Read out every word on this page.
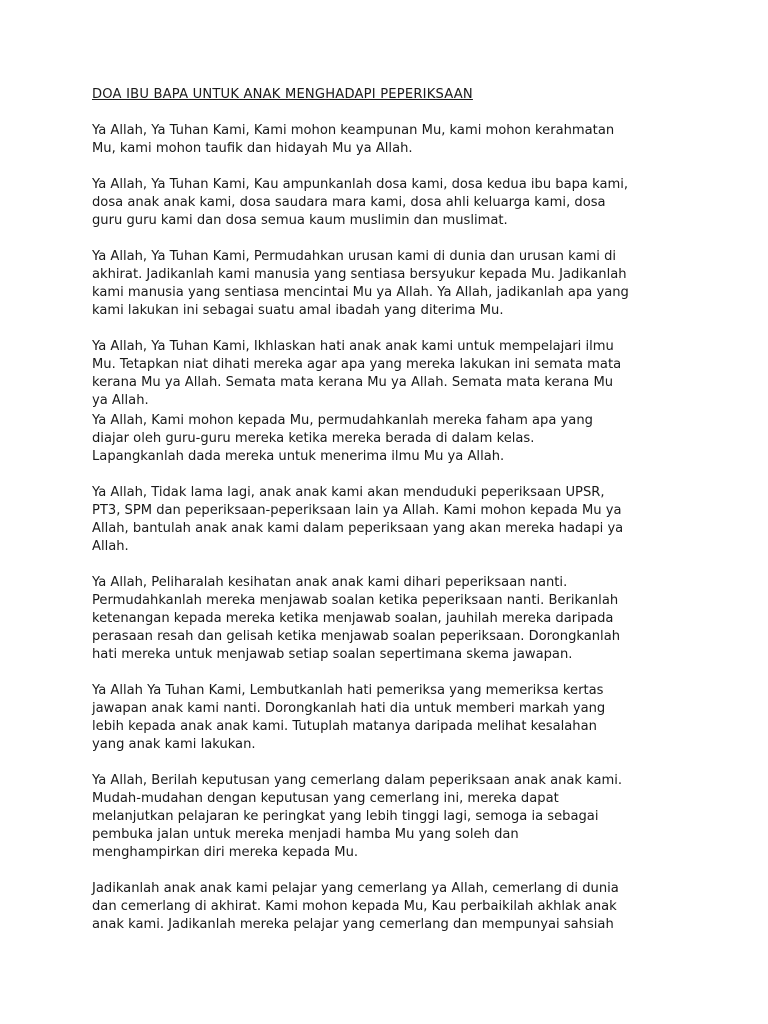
DOA IBU BAPA UNTUK ANAK MENGHADAPI PEPERIKSAAN
Ya Allah, Ya Tuhan Kami, Kami mohon keampunan Mu, kami mohon kerahmatan
Mu, kami mohon taufik dan hidayah Mu ya Allah.
Ya Allah, Ya Tuhan Kami, Kau ampunkanlah dosa kami, dosa kedua ibu bapa kami,
dosa anak anak kami, dosa saudara mara kami, dosa ahli keluarga kami, dosa
guru guru kami dan dosa semua kaum muslimin dan muslimat.
Ya Allah, Ya Tuhan Kami, Permudahkan urusan kami di dunia dan urusan kami di
akhirat. Jadikanlah kami manusia yang sentiasa bersyukur kepada Mu. Jadikanlah
kami manusia yang sentiasa mencintai Mu ya Allah. Ya Allah, jadikanlah apa yang
kami lakukan ini sebagai suatu amal ibadah yang diterima Mu.
Ya Allah, Ya Tuhan Kami, Ikhlaskan hati anak anak kami untuk mempelajari ilmu
Mu. Tetapkan niat dihati mereka agar apa yang mereka lakukan ini semata mata
kerana Mu ya Allah. Semata mata kerana Mu ya Allah. Semata mata kerana Mu
ya Allah.
Ya Allah, Kami mohon kepada Mu, permudahkanlah mereka faham apa yang
diajar oleh guru-guru mereka ketika mereka berada di dalam kelas.
Lapangkanlah dada mereka untuk menerima ilmu Mu ya Allah.
Ya Allah, Tidak lama lagi, anak anak kami akan menduduki peperiksaan UPSR,
PT3, SPM dan peperiksaan-peperiksaan lain ya Allah. Kami mohon kepada Mu ya
Allah, bantulah anak anak kami dalam peperiksaan yang akan mereka hadapi ya
Allah.
Ya Allah, Peliharalah kesihatan anak anak kami dihari peperiksaan nanti.
Permudahkanlah mereka menjawab soalan ketika peperiksaan nanti. Berikanlah
ketenangan kepada mereka ketika menjawab soalan, jauhilah mereka daripada
perasaan resah dan gelisah ketika menjawab soalan peperiksaan. Dorongkanlah
hati mereka untuk menjawab setiap soalan sepertimana skema jawapan.
Ya Allah Ya Tuhan Kami, Lembutkanlah hati pemeriksa yang memeriksa kertas
jawapan anak kami nanti. Dorongkanlah hati dia untuk memberi markah yang
lebih kepada anak anak kami. Tutuplah matanya daripada melihat kesalahan
yang anak kami lakukan.
Ya Allah, Berilah keputusan yang cemerlang dalam peperiksaan anak anak kami.
Mudah-mudahan dengan keputusan yang cemerlang ini, mereka dapat
melanjutkan pelajaran ke peringkat yang lebih tinggi lagi, semoga ia sebagai
pembuka jalan untuk mereka menjadi hamba Mu yang soleh dan
menghampirkan diri mereka kepada Mu.
Jadikanlah anak anak kami pelajar yang cemerlang ya Allah, cemerlang di dunia
dan cemerlang di akhirat. Kami mohon kepada Mu, Kau perbaikilah akhlak anak
anak kami. Jadikanlah mereka pelajar yang cemerlang dan mempunyai sahsiah
